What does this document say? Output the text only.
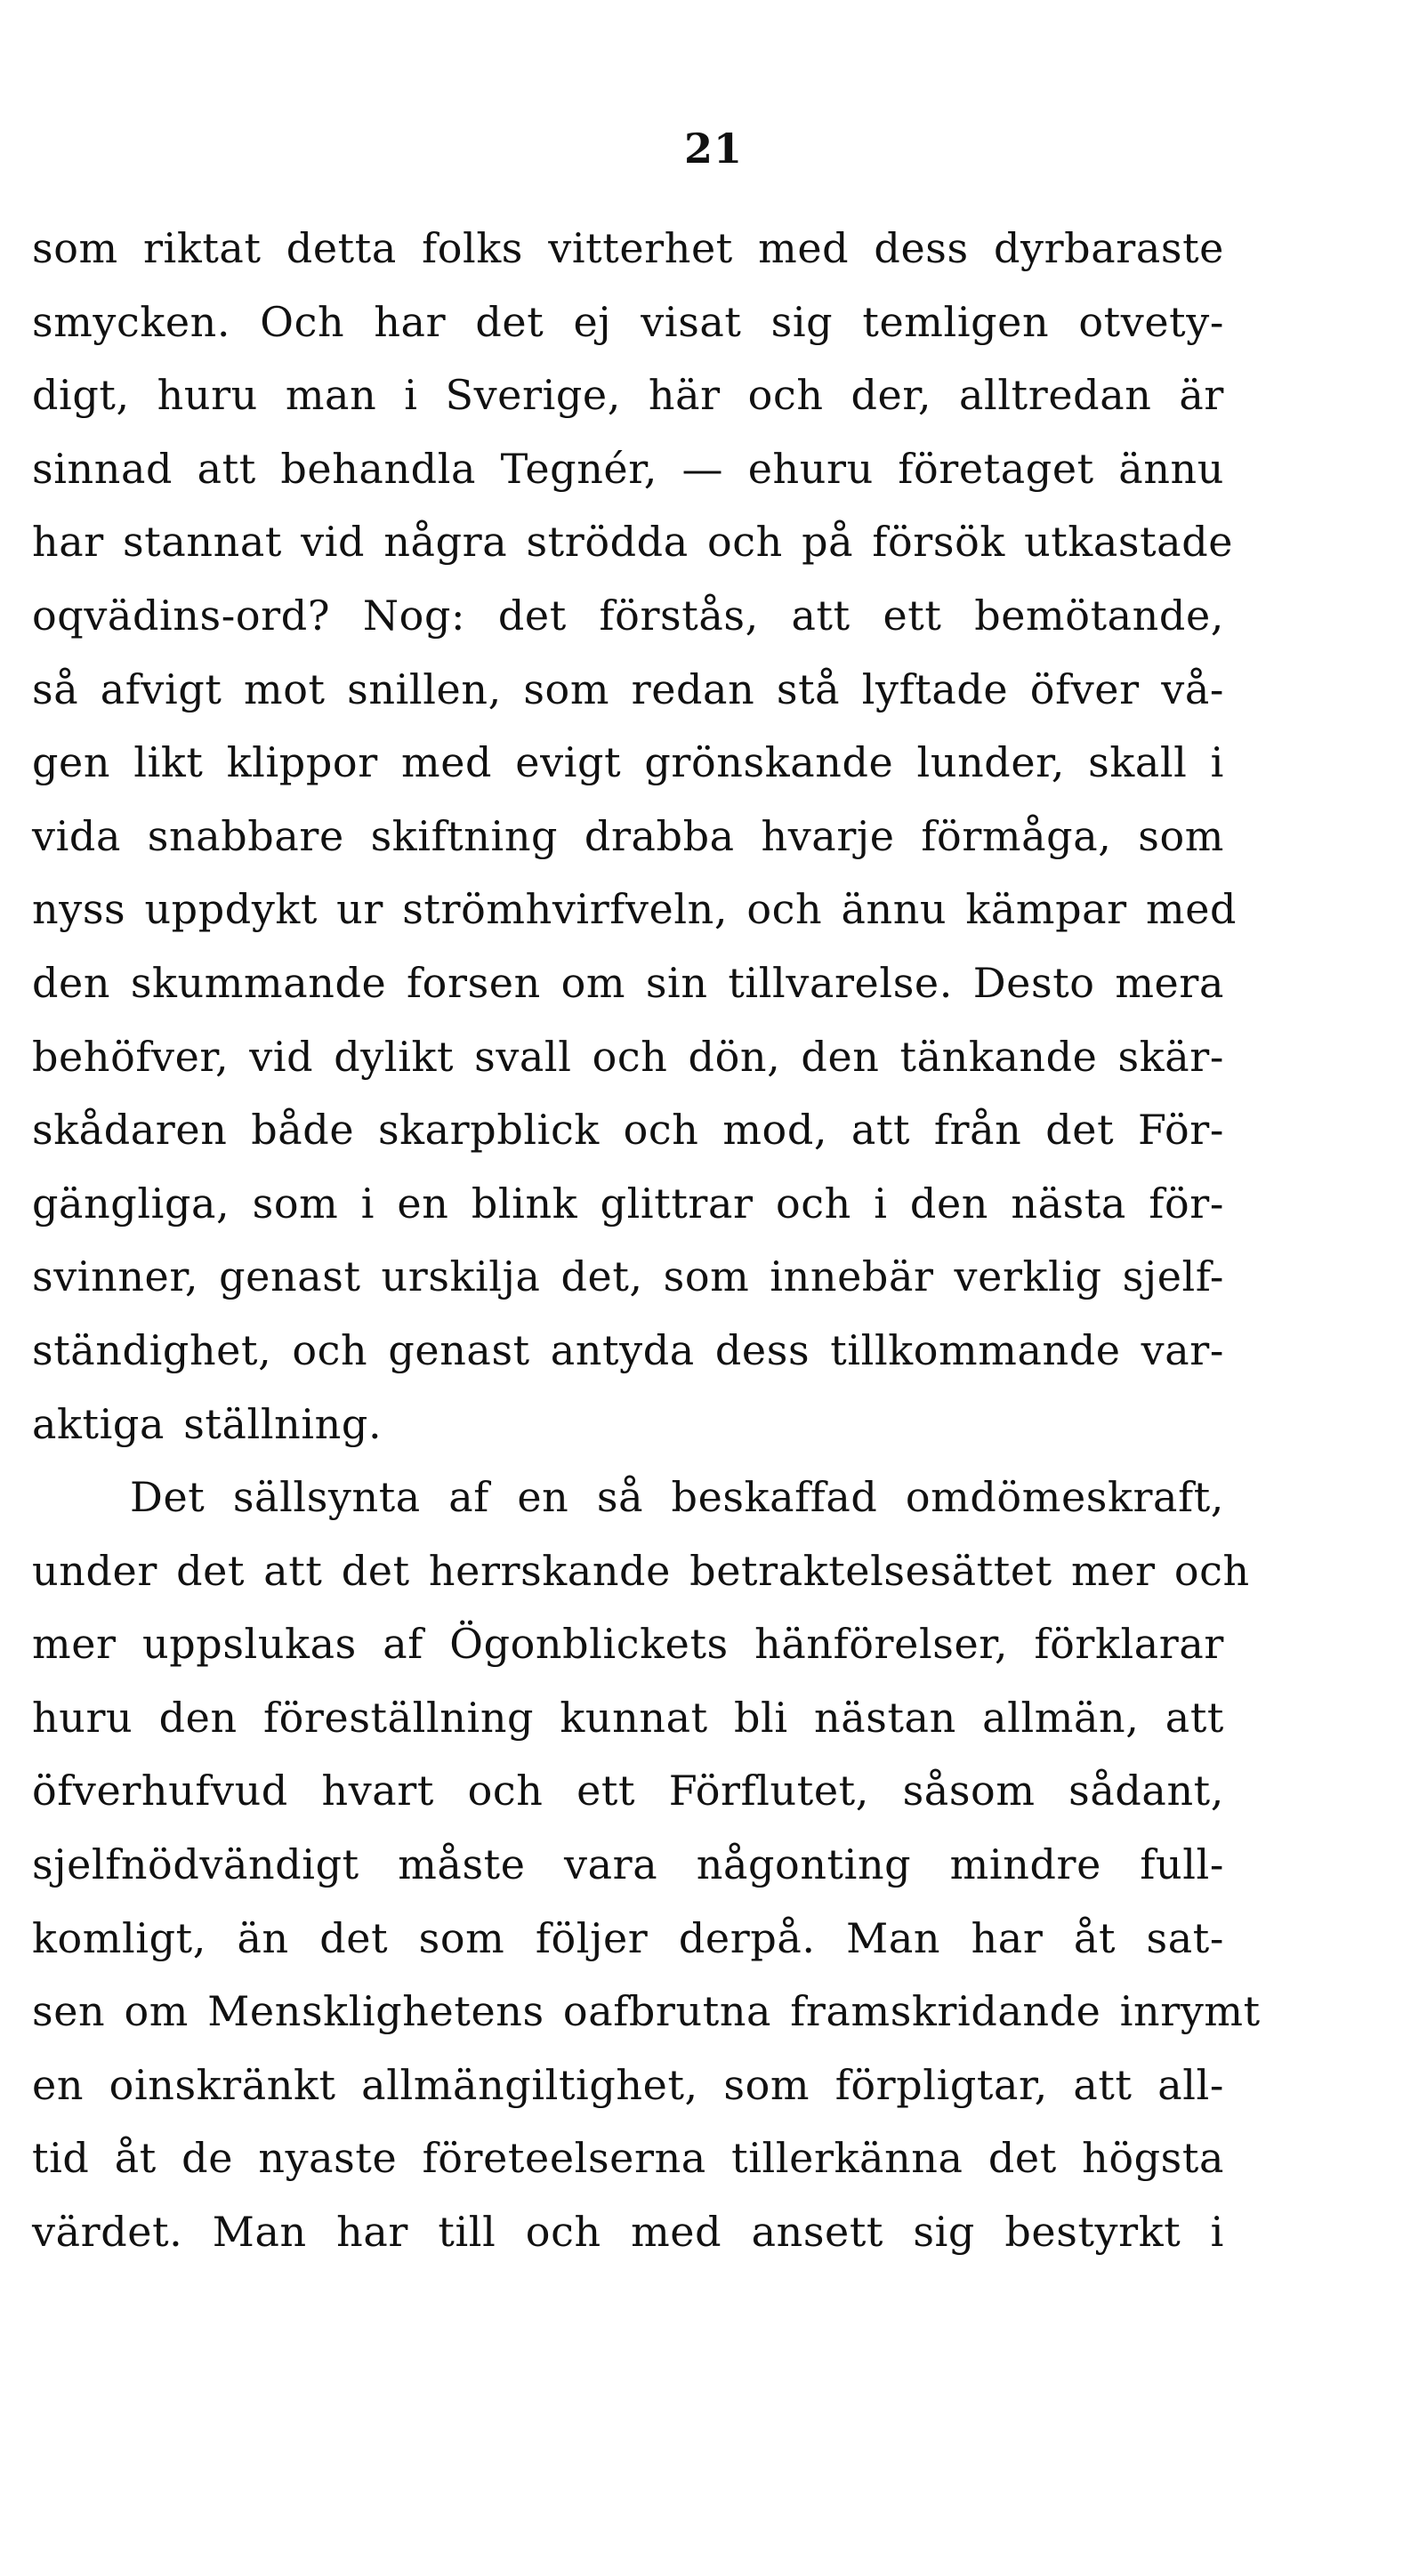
21
som riktat detta folks vitterhet med dess dyrbaraste
smycken. Och har det ej visat sig temligen otvety-
digt, huru man i Sverige, här och der, alltredan är
sinnad att behandla Tegnér, — ehuru företaget ännu
har stannat vid några strödda och på försök utkastade
oqvädins-ord? Nog: det förstås, att ett bemötande,
så afvigt mot snillen, som redan stå lyftade öfver vå-
gen likt klippor med evigt grönskande lunder, skall i
vida snabbare skiftning drabba hvarje förmåga, som
nyss uppdykt ur strömhvirfveln, och ännu kämpar med
den skummande forsen om sin tillvarelse. Desto mera
behöfver, vid dylikt svall och dön, den tänkande skär-
skådaren både skarpblick och mod, att från det För-
gängliga, som i en blink glittrar och i den nästa för-
svinner, genast urskilja det, som innebär verklig sjelf-
ständighet, och genast antyda dess tillkommande var-
aktiga ställning.
Det sällsynta af en så beskaffad omdömeskraft,
under det att det herrskande betraktelsesättet mer och
mer uppslukas af Ögonblickets hänförelser, förklarar
huru den föreställning kunnat bli nästan allmän, att
öfverhufvud hvart och ett Förflutet, såsom sådant,
sjelfnödvändigt måste vara någonting mindre full-
komligt, än det som följer derpå. Man har åt sat-
sen om Mensklighetens oafbrutna framskridande inrymt
en oinskränkt allmängiltighet, som förpligtar, att all-
tid åt de nyaste företeelserna tillerkänna det högsta
värdet. Man har till och med ansett sig bestyrkt i
